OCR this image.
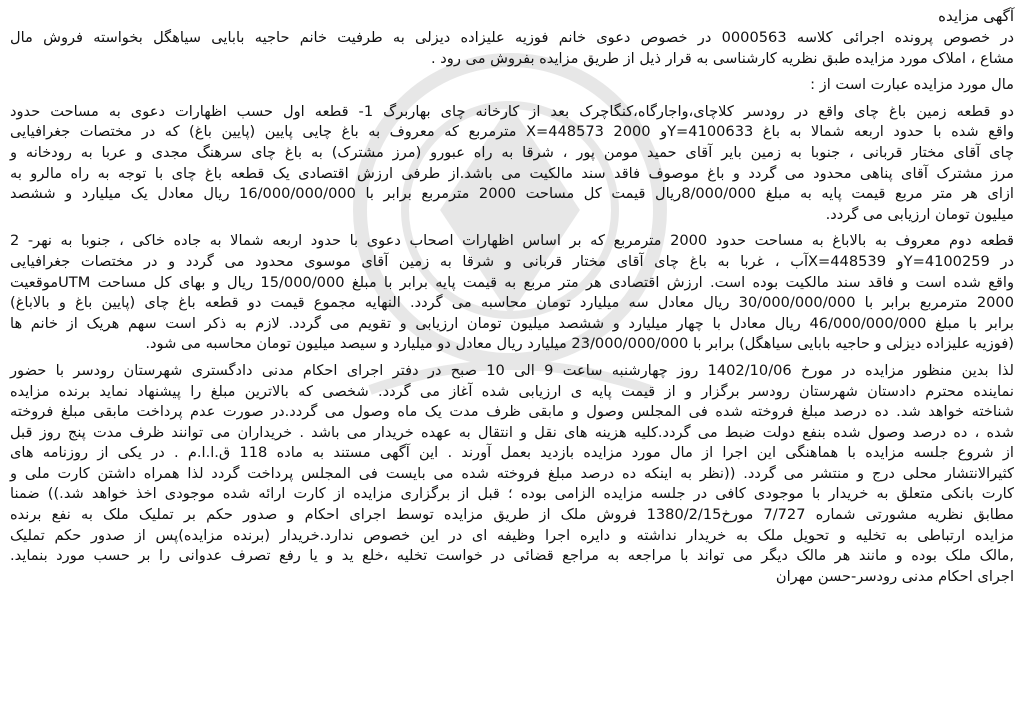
آگهی مزایده
در خصوص پرونده اجرائی کلاسه 0000563 در خصوص دعوی خانم فوزیه علیزاده دیزلی به طرفیت خانم حاجیه بابایی سیاهگل بخواسته فروش مال
مشاع ، املاک مورد مزایده طبق نظریه کارشناسی به قرار ذیل از طریق مزایده بفروش می رود .
مال مورد مزایده عبارت است از :
دو قطعه زمین باغ چای واقع در رودسر کلاچای،واجارگاه،کنگاچرک بعد از کارخانه چای بهاربرگ 1- قطعه اول حسب اظهارات دعوی به مساحت حدود
واقع شده با حدود اربعه شمالا به باغ Y=4100633و X=448573 2000 مترمربع که معروف به باغ چایی پایین (پایین باغ) که در مختصات جغرافیایی
چای آقای مختار قربانی ، جنوبا به زمین بایر آقای حمید مومن پور ، شرقا به راه عبورو (مرز مشترک) به باغ چای سرهنگ مجدی و عربا به رودخانه و
مرز مشترک آقای پناهی محدود می گردد و باغ موصوف فاقد سند مالکیت می باشد.از طرفی ارزش اقتصادی یک قطعه باغ چای با توجه به راه مالرو به
ازای هر متر مربع قیمت پایه به مبلغ 8/000/000ریال قیمت کل مساحت 2000 مترمربع برابر با 16/000/000/000 ریال معادل یک میلیارد و ششصد
میلیون تومان ارزیابی می گردد.
قطعه دوم معروف به بالاباغ به مساحت حدود 2000 مترمربع که بر اساس اظهارات اصحاب دعوی با حدود اربعه شمالا به جاده خاکی ، جنوبا به نهر- 2
در Y=4100259و X=448539آب ، غربا به باغ چای آقای مختار قربانی و شرقا به زمین آقای موسوی محدود می گردد و در مختصات جغرافیایی
واقع شده است و فاقد سند مالکیت بوده است. ارزش اقتصادی هر متر مربع به قیمت پایه برابر با مبلغ 15/000/000 ریال و بهای کل مساحت UTMموقعیت
2000 مترمربع برابر با 30/000/000/000 ریال معادل سه میلیارد تومان محاسبه می گردد. النهایه مجموع قیمت دو قطعه باغ چای (پایین باغ و بالاباغ)
برابر با مبلغ 46/000/000/000 ریال معادل با چهار میلیارد و ششصد میلیون تومان ارزیابی و تقویم می گردد. لازم به ذکر است سهم هریک از خانم ها
(فوزیه علیزاده دیزلی و حاجیه بابایی سیاهگل) برابر با 23/000/000/000 میلیارد ریال معادل دو میلیارد و سیصد میلیون تومان محاسبه می شود.
لذا بدین منظور مزایده در مورخ 1402/10/06 روز چهارشنبه ساعت 9 الی 10 صبح در دفتر اجرای احکام مدنی دادگستری شهرستان رودسر با حضور
نماینده محترم دادستان شهرستان رودسر برگزار و از قیمت پایه ی ارزیابی شده آغاز می گردد. شخصی که بالاترین مبلغ را پیشنهاد نماید برنده مزایده
شناخته خواهد شد. ده درصد مبلغ فروخته شده فی المجلس وصول و مابقی ظرف مدت یک ماه وصول می گردد.در صورت عدم پرداخت مابقی مبلغ فروخته
شده ، ده درصد وصول شده بنفع دولت ضبط می گردد.کلیه هزینه های نقل و انتقال به عهده خریدار می باشد . خریداران می توانند ظرف مدت پنج روز قبل
از شروع جلسه مزایده با هماهنگی این اجرا از مال مورد مزایده بازدید بعمل آورند . این آگهی مستند به ماده 118 ق.ا.ا.م . در یکی از روزنامه های
کثیرالانتشار محلی درج و منتشر می گردد. ((نظر به اینکه ده درصد مبلغ فروخته شده می بایست فی المجلس پرداخت گردد لذا همراه داشتن کارت ملی و
کارت بانکی متعلق به خریدار با موجودی کافی در جلسه مزایده الزامی بوده ؛ قبل از برگزاری مزایده از کارت ارائه شده موجودی اخذ خواهد شد.)) ضمنا
مطابق نظریه مشورتی شماره 7/727 مورخ1380/2/15 فروش ملک از طریق مزایده توسط اجرای احکام و صدور حکم بر تملیک ملک به نفع برنده
مزایده ارتباطی به تخلیه و تحویل ملک به خریدار نداشته و دایره اجرا وظیفه ای در این خصوص ندارد.خریدار (برنده مزایده)پس از صدور حکم تملیک
,مالک ملک بوده و مانند هر مالک دیگر می تواند با مراجعه به مراجع قضائی در خواست تخلیه ،خلع ید و یا رفع تصرف عدوانی را بر حسب مورد بنماید.
اجرای احکام مدنی رودسر-حسن مهران
